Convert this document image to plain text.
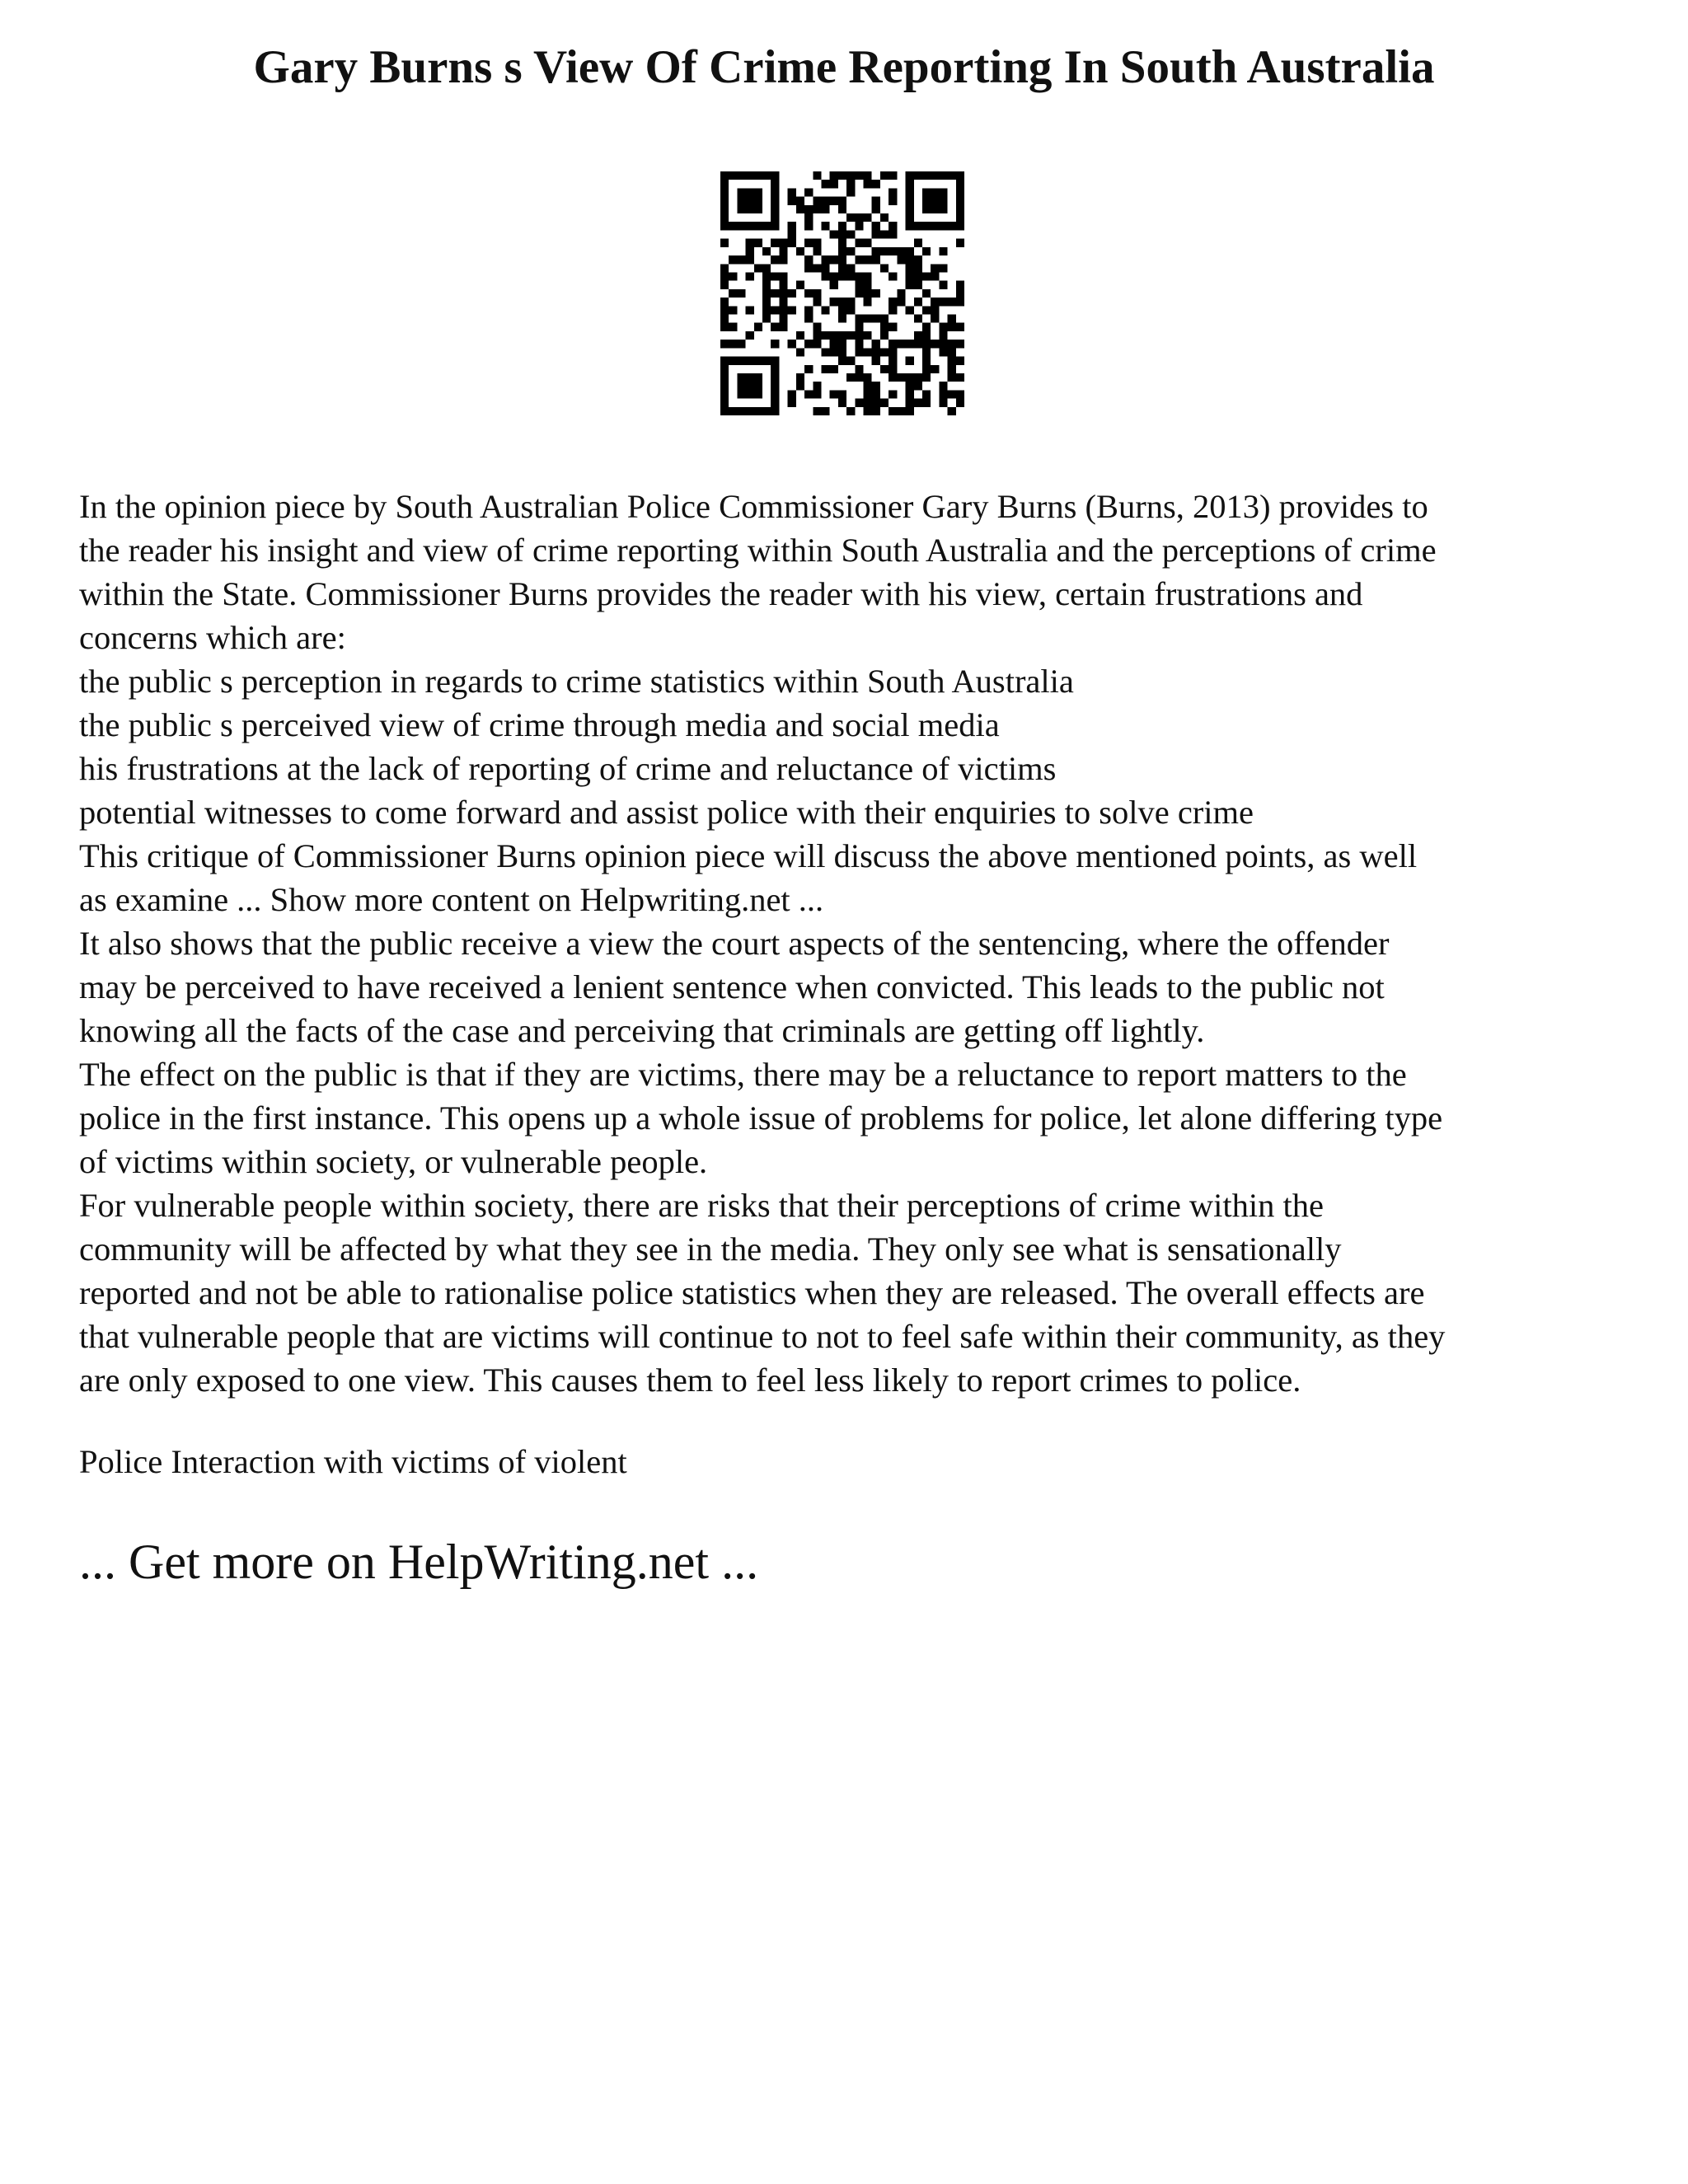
Gary Burns s View Of Crime Reporting In South Australia
In the opinion piece by South Australian Police Commissioner Gary Burns (Burns, 2013) provides to
the reader his insight and view of crime reporting within South Australia and the perceptions of crime
within the State. Commissioner Burns provides the reader with his view, certain frustrations and
concerns which are:
the public s perception in regards to crime statistics within South Australia
the public s perceived view of crime through media and social media
his frustrations at the lack of reporting of crime and reluctance of victims
potential witnesses to come forward and assist police with their enquiries to solve crime
This critique of Commissioner Burns opinion piece will discuss the above mentioned points, as well
as examine ... Show more content on Helpwriting.net ...
It also shows that the public receive a view the court aspects of the sentencing, where the offender
may be perceived to have received a lenient sentence when convicted. This leads to the public not
knowing all the facts of the case and perceiving that criminals are getting off lightly.
The effect on the public is that if they are victims, there may be a reluctance to report matters to the
police in the first instance. This opens up a whole issue of problems for police, let alone differing type
of victims within society, or vulnerable people.
For vulnerable people within society, there are risks that their perceptions of crime within the
community will be affected by what they see in the media. They only see what is sensationally
reported and not be able to rationalise police statistics when they are released. The overall effects are
that vulnerable people that are victims will continue to not to feel safe within their community, as they
are only exposed to one view. This causes them to feel less likely to report crimes to police.
Police Interaction with victims of violent
... Get more on HelpWriting.net ...
